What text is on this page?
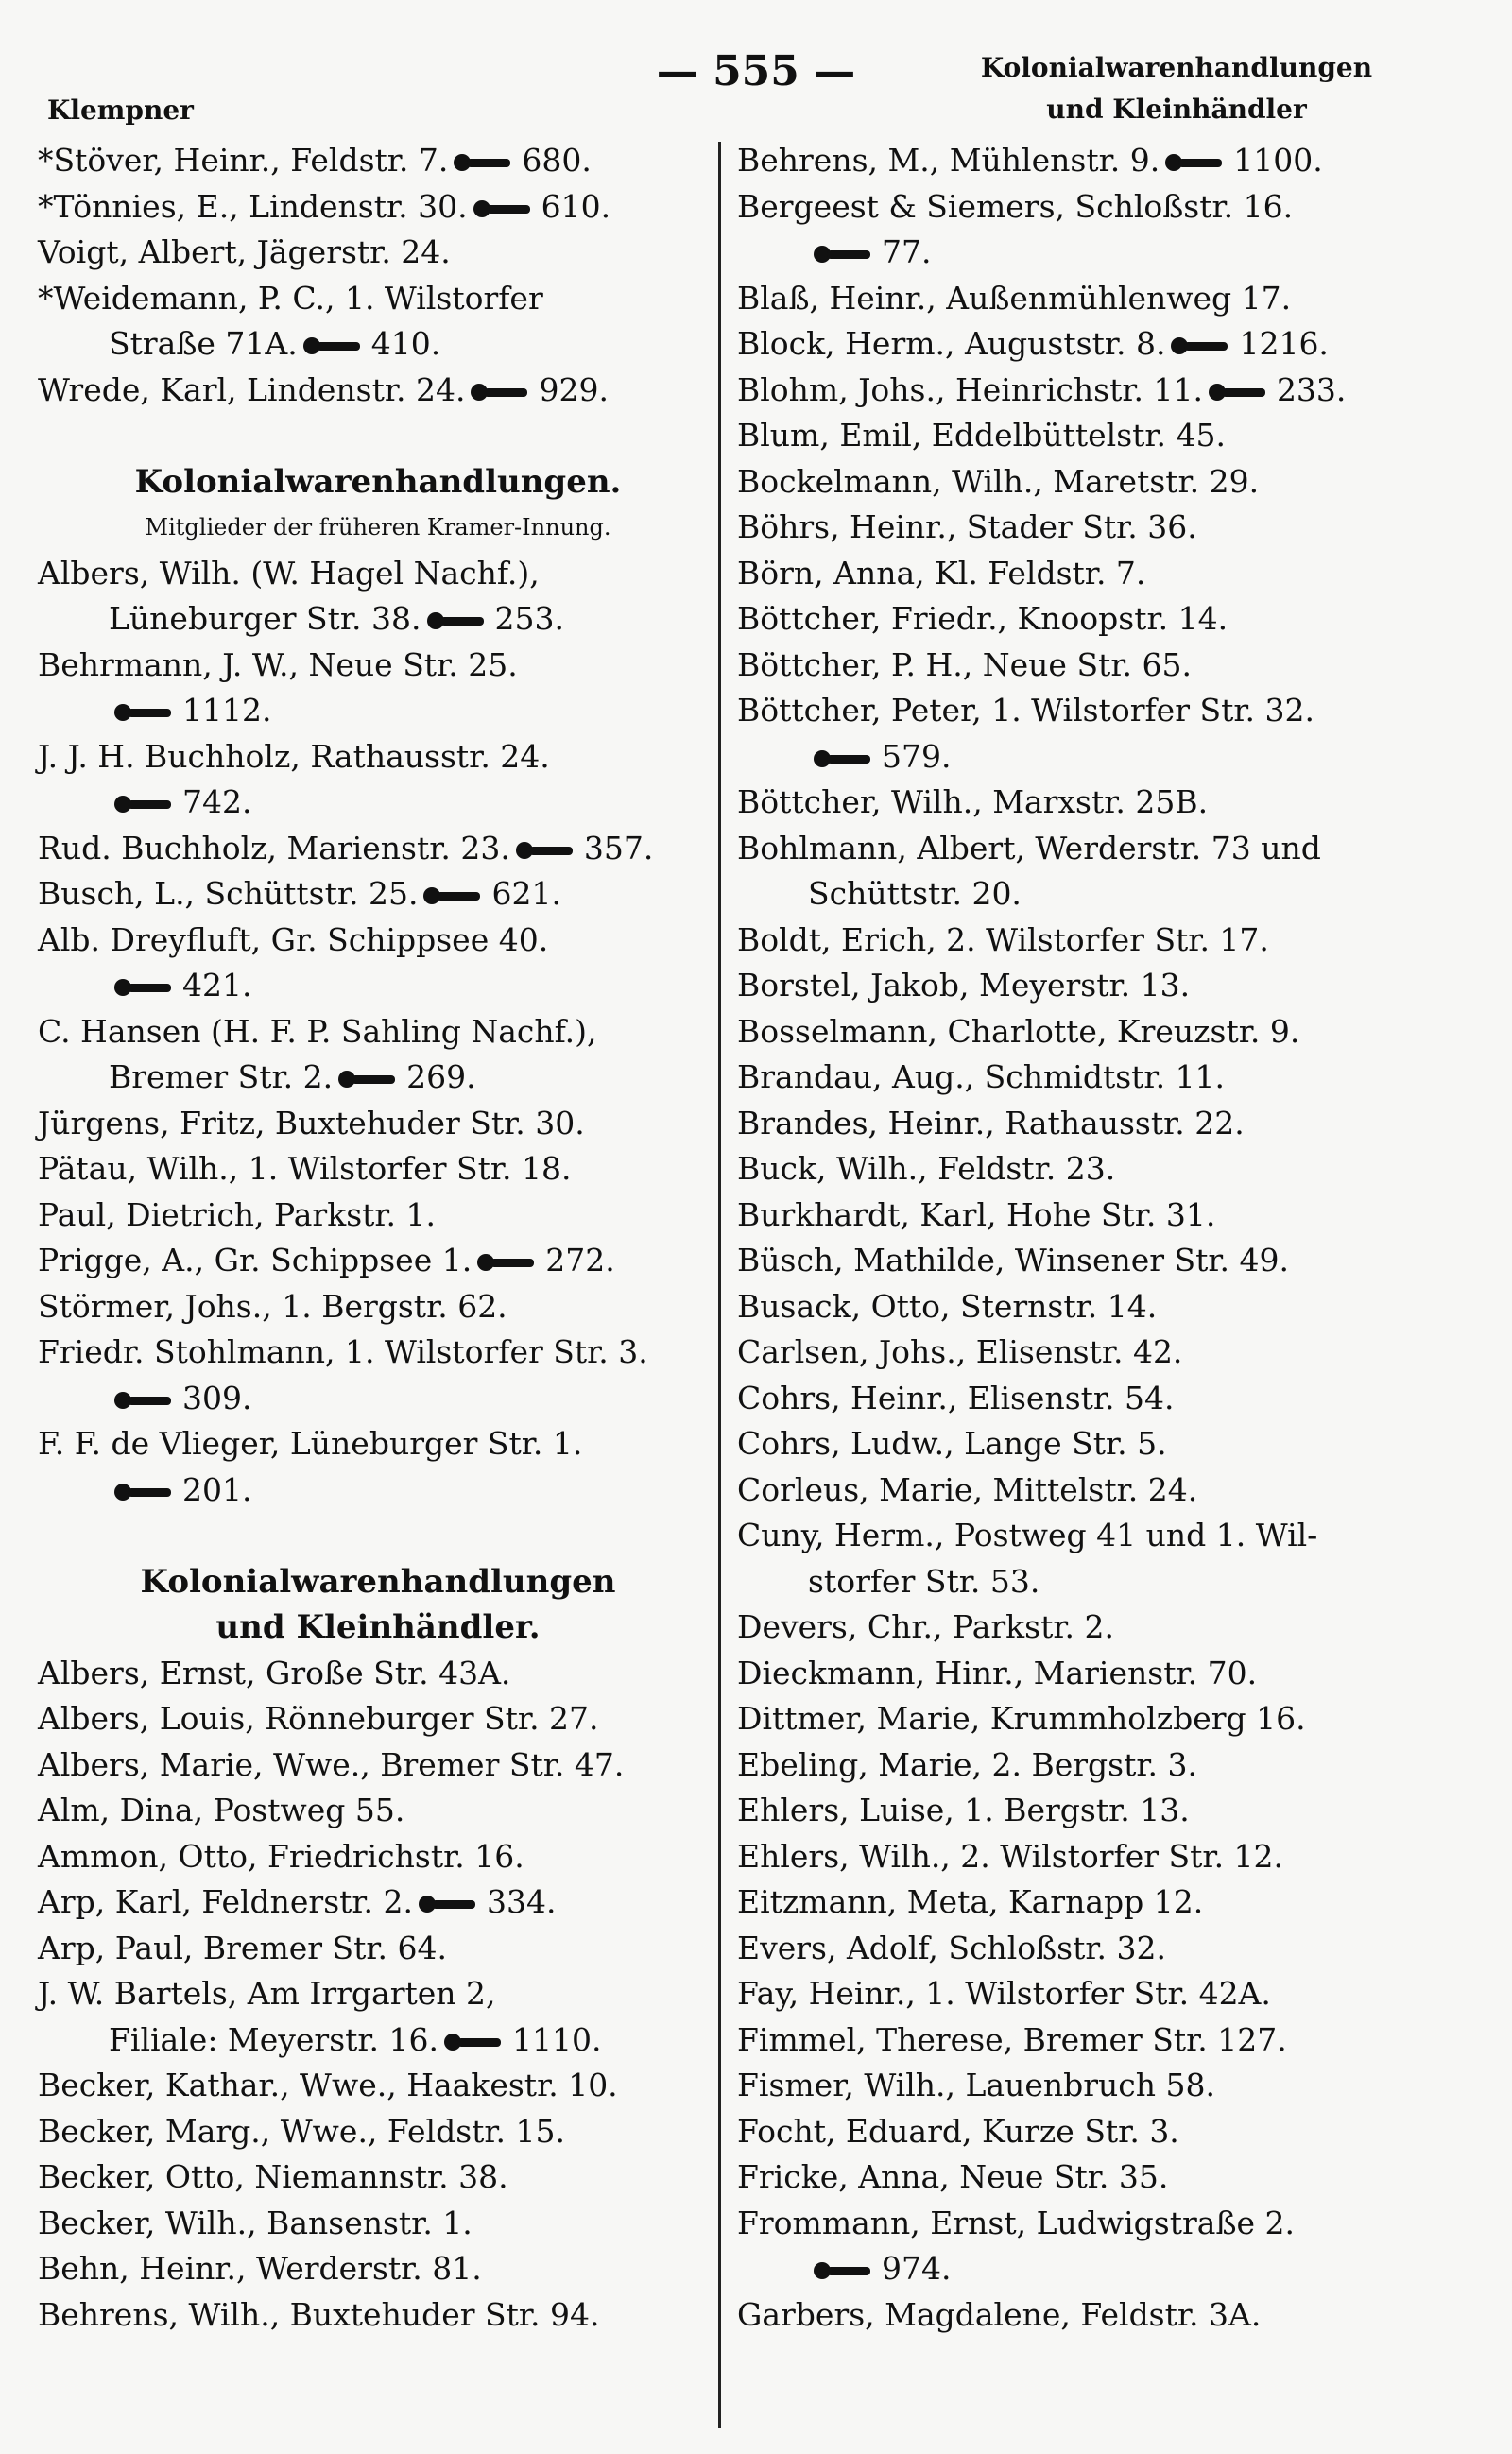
— 555 —
Klempner
Kolonialwarenhandlungen
und Kleinhändler
*Stöver, Heinr., Feldstr. 7. 680.
*Tönnies, E., Lindenstr. 30. 610.
Voigt, Albert, Jägerstr. 24.
*Weidemann, P. C., 1. Wilstorfer
Straße 71A. 410.
Wrede, Karl, Lindenstr. 24. 929.
Kolonialwarenhandlungen.
Mitglieder der früheren Kramer-Innung.
Albers, Wilh. (W. Hagel Nachf.),
Lüneburger Str. 38. 253.
Behrmann, J. W., Neue Str. 25.
1112.
J. J. H. Buchholz, Rathausstr. 24.
742.
Rud. Buchholz, Marienstr. 23. 357.
Busch, L., Schüttstr. 25. 621.
Alb. Dreyfluft, Gr. Schippsee 40.
421.
C. Hansen (H. F. P. Sahling Nachf.),
Bremer Str. 2. 269.
Jürgens, Fritz, Buxtehuder Str. 30.
Pätau, Wilh., 1. Wilstorfer Str. 18.
Paul, Dietrich, Parkstr. 1.
Prigge, A., Gr. Schippsee 1. 272.
Störmer, Johs., 1. Bergstr. 62.
Friedr. Stohlmann, 1. Wilstorfer Str. 3.
309.
F. F. de Vlieger, Lüneburger Str. 1.
201.
Kolonialwarenhandlungen
und Kleinhändler.
Albers, Ernst, Große Str. 43A.
Albers, Louis, Rönneburger Str. 27.
Albers, Marie, Wwe., Bremer Str. 47.
Alm, Dina, Postweg 55.
Ammon, Otto, Friedrichstr. 16.
Arp, Karl, Feldnerstr. 2. 334.
Arp, Paul, Bremer Str. 64.
J. W. Bartels, Am Irrgarten 2,
Filiale: Meyerstr. 16. 1110.
Becker, Kathar., Wwe., Haakestr. 10.
Becker, Marg., Wwe., Feldstr. 15.
Becker, Otto, Niemannstr. 38.
Becker, Wilh., Bansenstr. 1.
Behn, Heinr., Werderstr. 81.
Behrens, Wilh., Buxtehuder Str. 94.
Behrens, M., Mühlenstr. 9. 1100.
Bergeest & Siemers, Schloßstr. 16.
77.
Blaß, Heinr., Außenmühlenweg 17.
Block, Herm., Auguststr. 8. 1216.
Blohm, Johs., Heinrichstr. 11. 233.
Blum, Emil, Eddelbüttelstr. 45.
Bockelmann, Wilh., Maretstr. 29.
Böhrs, Heinr., Stader Str. 36.
Börn, Anna, Kl. Feldstr. 7.
Böttcher, Friedr., Knoopstr. 14.
Böttcher, P. H., Neue Str. 65.
Böttcher, Peter, 1. Wilstorfer Str. 32.
579.
Böttcher, Wilh., Marxstr. 25B.
Bohlmann, Albert, Werderstr. 73 und
Schüttstr. 20.
Boldt, Erich, 2. Wilstorfer Str. 17.
Borstel, Jakob, Meyerstr. 13.
Bosselmann, Charlotte, Kreuzstr. 9.
Brandau, Aug., Schmidtstr. 11.
Brandes, Heinr., Rathausstr. 22.
Buck, Wilh., Feldstr. 23.
Burkhardt, Karl, Hohe Str. 31.
Büsch, Mathilde, Winsener Str. 49.
Busack, Otto, Sternstr. 14.
Carlsen, Johs., Elisenstr. 42.
Cohrs, Heinr., Elisenstr. 54.
Cohrs, Ludw., Lange Str. 5.
Corleus, Marie, Mittelstr. 24.
Cuny, Herm., Postweg 41 und 1. Wil-
storfer Str. 53.
Devers, Chr., Parkstr. 2.
Dieckmann, Hinr., Marienstr. 70.
Dittmer, Marie, Krummholzberg 16.
Ebeling, Marie, 2. Bergstr. 3.
Ehlers, Luise, 1. Bergstr. 13.
Ehlers, Wilh., 2. Wilstorfer Str. 12.
Eitzmann, Meta, Karnapp 12.
Evers, Adolf, Schloßstr. 32.
Fay, Heinr., 1. Wilstorfer Str. 42A.
Fimmel, Therese, Bremer Str. 127.
Fismer, Wilh., Lauenbruch 58.
Focht, Eduard, Kurze Str. 3.
Fricke, Anna, Neue Str. 35.
Frommann, Ernst, Ludwigstraße 2.
974.
Garbers, Magdalene, Feldstr. 3A.
